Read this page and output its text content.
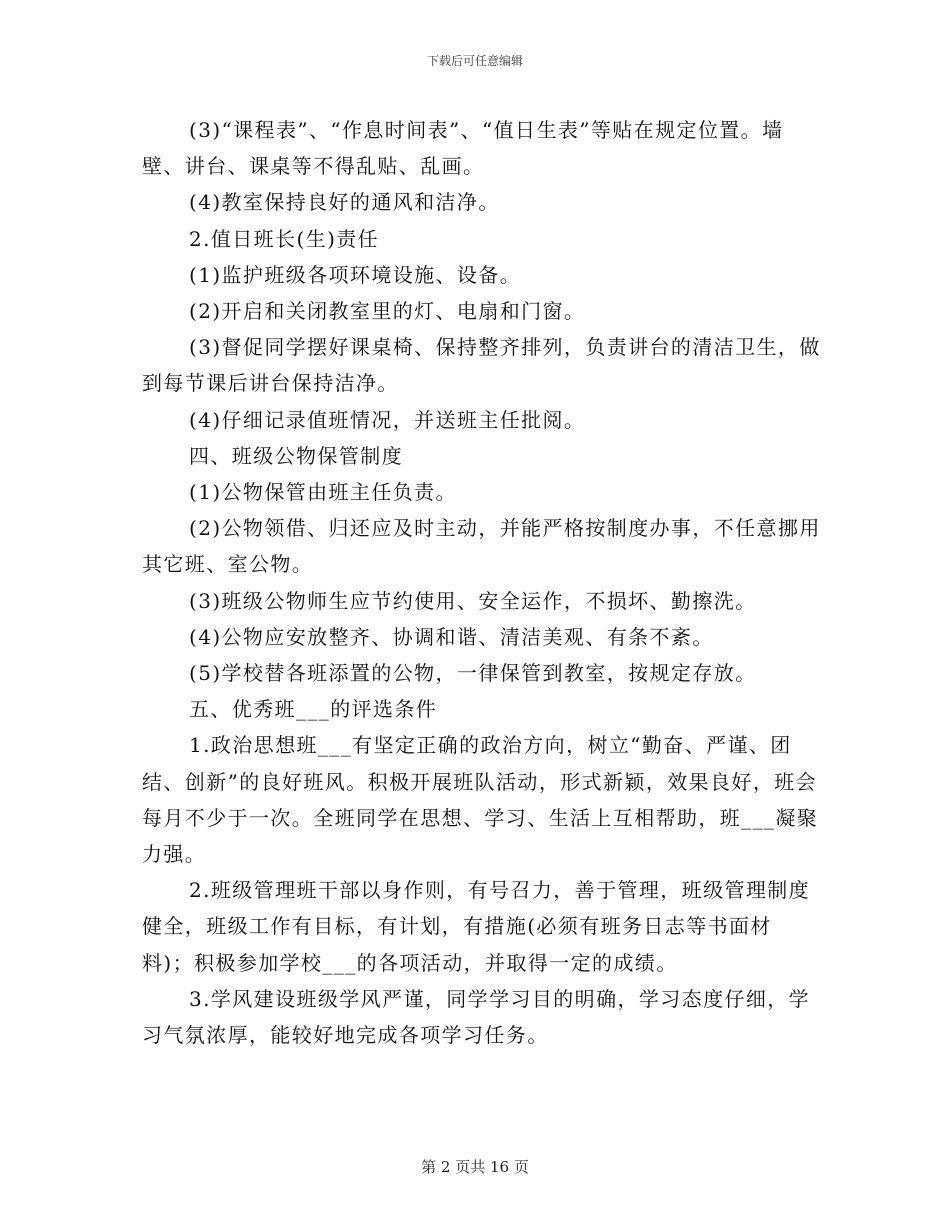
下载后可任意编辑

(3)“课程表”、“作息时间表”、“值日生表”等贴在规定位置。墙壁、讲台、课桌等不得乱贴、乱画。

(4)教室保持良好的通风和洁净。

2.值日班长(生)责任

(1)监护班级各项环境设施、设备。

(2)开启和关闭教室里的灯、电扇和门窗。

(3)督促同学摆好课桌椅、保持整齐排列，负责讲台的清洁卫生，做到每节课后讲台保持洁净。

(4)仔细记录值班情况，并送班主任批阅。

四、班级公物保管制度

(1)公物保管由班主任负责。

(2)公物领借、归还应及时主动，并能严格按制度办事，不任意挪用其它班、室公物。

(3)班级公物师生应节约使用、安全运作，不损坏、勤擦洗。

(4)公物应安放整齐、协调和谐、清洁美观、有条不紊。

(5)学校替各班添置的公物，一律保管到教室，按规定存放。

五、优秀班___的评选条件

1.政治思想班___有坚定正确的政治方向，树立“勤奋、严谨、团结、创新”的良好班风。积极开展班队活动，形式新颖，效果良好，班会每月不少于一次。全班同学在思想、学习、生活上互相帮助，班___凝聚力强。

2.班级管理班干部以身作则，有号召力，善于管理，班级管理制度健全，班级工作有目标，有计划，有措施(必须有班务日志等书面材料)；积极参加学校___的各项活动，并取得一定的成绩。

3.学风建设班级学风严谨，同学学习目的明确，学习态度仔细，学习气氛浓厚，能较好地完成各项学习任务。

第 2 页共 16 页
